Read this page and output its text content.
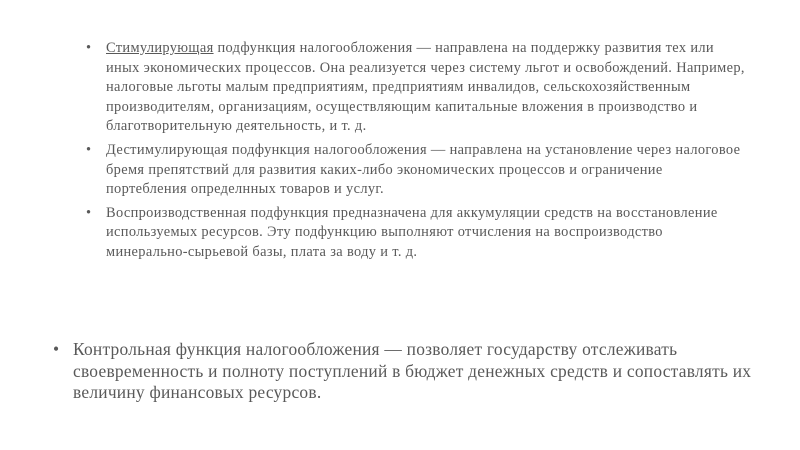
• Стимулирующая подфункция налогообложения — направлена на поддержку развития тех или иных экономических процессов. Она реализуется через систему льгот и освобождений. Например, налоговые льготы малым предприятиям, предприятиям инвалидов, сельскохозяйственным производителям, организациям, осуществляющим капитальные вложения в производство и благотворительную деятельность, и т. д.
• Дестимулирующая подфункция налогообложения — направлена на установление через налоговое бремя препятствий для развития каких-либо экономических процессов и ограничение портебления определнных товаров и услуг.
• Воспроизводственная подфункция предназначена для аккумуляции средств на восстановление используемых ресурсов. Эту подфункцию выполняют отчисления на воспроизводство минерально-сырьевой базы, плата за воду и т. д.
• Контрольная функция налогообложения — позволяет государству отслеживать своевременность и полноту поступлений в бюджет денежных средств и сопоставлять их величину финансовых ресурсов.
